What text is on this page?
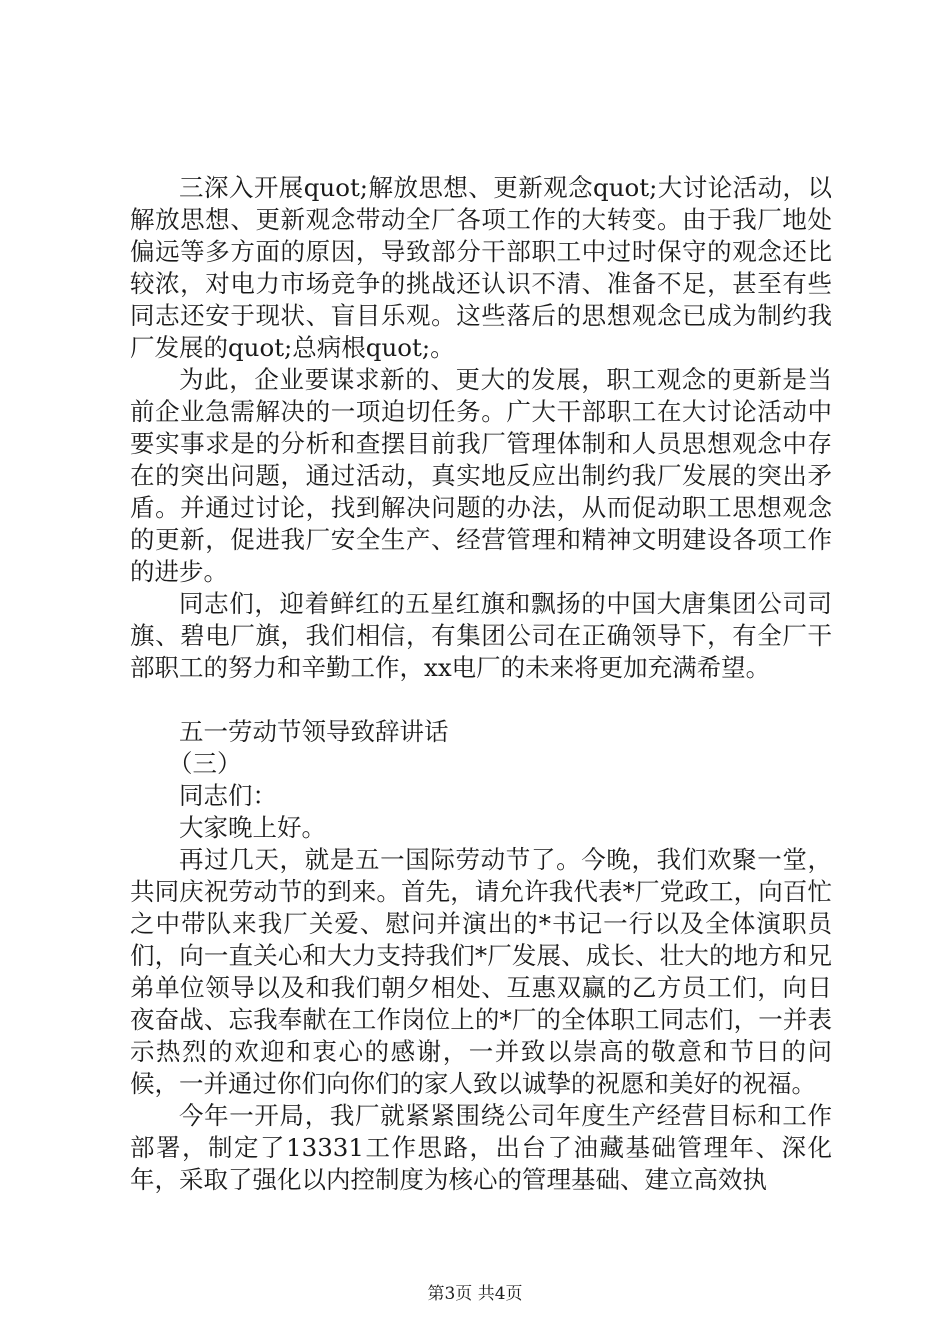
三深入开展quot;解放思想、更新观念quot;大讨论活动，以解放思想、更新观念带动全厂各项工作的大转变。由于我厂地处偏远等多方面的原因，导致部分干部职工中过时保守的观念还比较浓，对电力市场竞争的挑战还认识不清、准备不足，甚至有些同志还安于现状、盲目乐观。这些落后的思想观念已成为制约我厂发展的quot;总病根quot;。

为此，企业要谋求新的、更大的发展，职工观念的更新是当前企业急需解决的一项迫切任务。广大干部职工在大讨论活动中要实事求是的分析和查摆目前我厂管理体制和人员思想观念中存在的突出问题，通过活动，真实地反应出制约我厂发展的突出矛盾。并通过讨论，找到解决问题的办法，从而促动职工思想观念的更新，促进我厂安全生产、经营管理和精神文明建设各项工作的进步。

同志们，迎着鲜红的五星红旗和飘扬的中国大唐集团公司司旗、碧电厂旗，我们相信，有集团公司在正确领导下，有全厂干部职工的努力和辛勤工作，xx电厂的未来将更加充满希望。

五一劳动节领导致辞讲话

（三）

同志们：

大家晚上好。

再过几天，就是五一国际劳动节了。今晚，我们欢聚一堂，共同庆祝劳动节的到来。首先，请允许我代表*厂党政工，向百忙之中带队来我厂关爱、慰问并演出的*书记一行以及全体演职员们，向一直关心和大力支持我们*厂发展、成长、壮大的地方和兄弟单位领导以及和我们朝夕相处、互惠双赢的乙方员工们，向日夜奋战、忘我奉献在工作岗位上的*厂的全体职工同志们，一并表示热烈的欢迎和衷心的感谢，一并致以崇高的敬意和节日的问候，一并通过你们向你们的家人致以诚挚的祝愿和美好的祝福。

今年一开局，我厂就紧紧围绕公司年度生产经营目标和工作部署，制定了13331工作思路，出台了油藏基础管理年、深化年，采取了强化以内控制度为核心的管理基础、建立高效执

第3页 共4页
